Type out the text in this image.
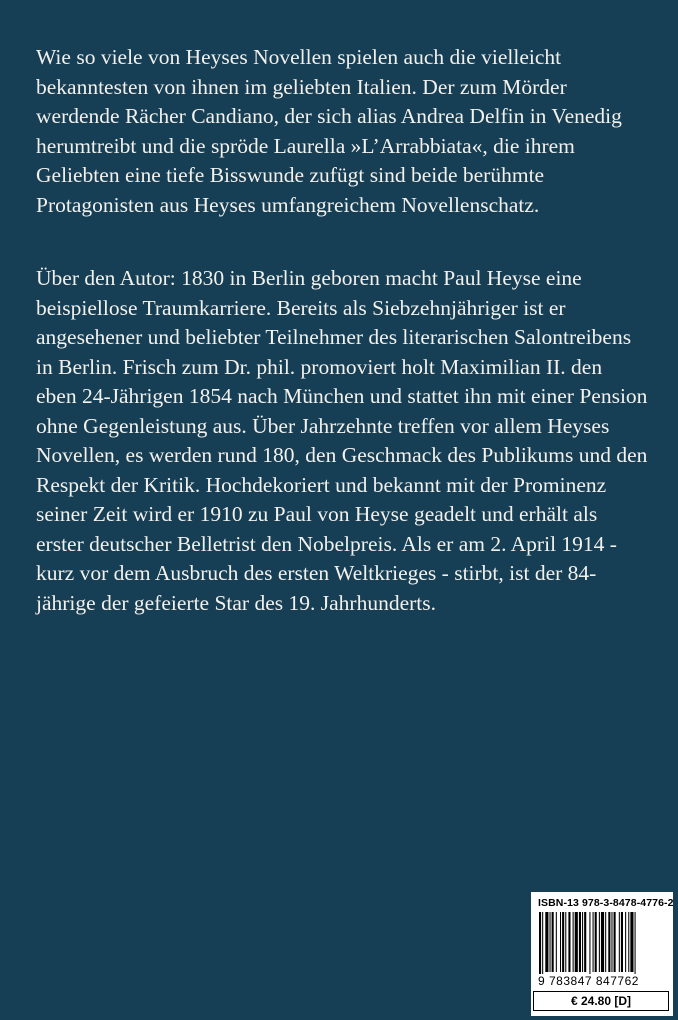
Wie so viele von Heyses Novellen spielen auch die vielleicht bekanntesten von ihnen im geliebten Italien. Der zum Mörder werdende Rächer Candiano, der sich alias Andrea Delfin in Venedig herumtreibt und die spröde Laurella »L’Arrabbiata«, die ihrem Geliebten eine tiefe Bisswunde zufügt sind beide berühmte Protagonisten aus Heyses umfangreichem Novellenschatz.

Über den Autor: 1830 in Berlin geboren macht Paul Heyse eine beispiellose Traumkarriere. Bereits als Siebzehnjähriger ist er angesehener und beliebter Teilnehmer des literarischen Salontreibens in Berlin. Frisch zum Dr. phil. promoviert holt Maximilian II. den eben 24-Jährigen 1854 nach München und stattet ihn mit einer Pension ohne Gegenleistung aus. Über Jahrzehnte treffen vor allem Heyses Novellen, es werden rund 180, den Geschmack des Publikums und den Respekt der Kritik. Hochdekoriert und bekannt mit der Prominenz seiner Zeit wird er 1910 zu Paul von Heyse geadelt und erhält als erster deutscher Belletrist den Nobelpreis. Als er am 2. April 1914 - kurz vor dem Ausbruch des ersten Weltkrieges - stirbt, ist der 84-jährige der gefeierte Star des 19. Jahrhunderts.

ISBN-13 978-3-8478-4776-2
9 783847 847762
€ 24.80 [D]
